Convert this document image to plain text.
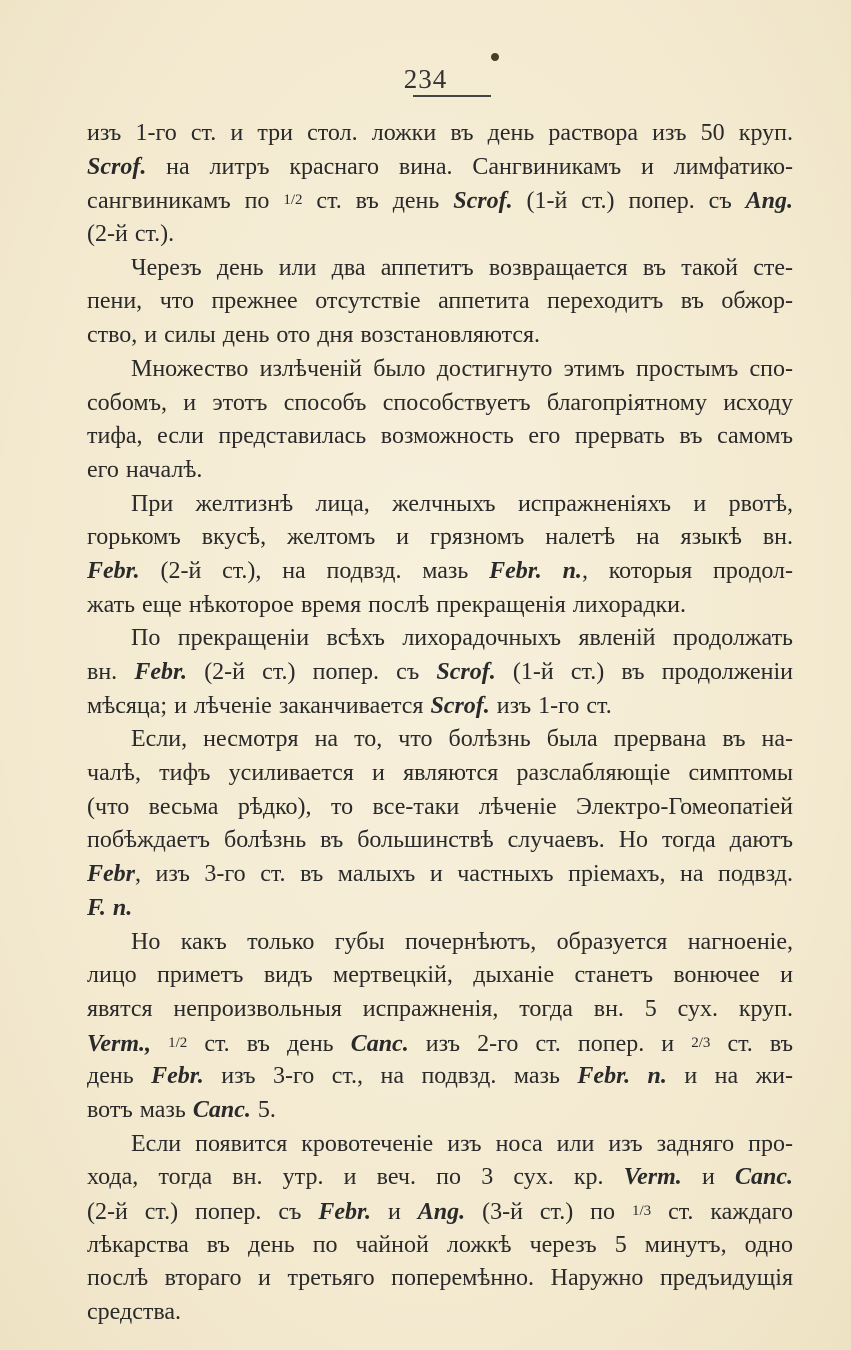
234
изъ 1-го ст. и три стол. ложки въ день раствора изъ 50 круп.
Scrof. на литръ краснаго вина. Сангвиникамъ и лимфатико-
сангвиникамъ по 1/2 ст. въ день Scrof. (1-й ст.) попер. съ Ang.
(2-й ст.).
Черезъ день или два аппетитъ возвращается въ такой сте-
пени, что прежнее отсутствіе аппетита переходитъ въ обжор-
ство, и силы день ото дня возстановляются.
Множество излѣченій было достигнуто этимъ простымъ спо-
собомъ, и этотъ способъ способствуетъ благопріятному исходу
тифа, если представилась возможность его прервать въ самомъ
его началѣ.
При желтизнѣ лица, желчныхъ испражненіяхъ и рвотѣ,
горькомъ вкусѣ, желтомъ и грязномъ налетѣ на языкѣ вн.
Febr. (2-й ст.), на подвзд. мазь Febr. n., которыя продол-
жать еще нѣкоторое время послѣ прекращенія лихорадки.
По прекращеніи всѣхъ лихорадочныхъ явленій продолжать
вн. Febr. (2-й ст.) попер. съ Scrof. (1-й ст.) въ продолженіи
мѣсяца; и лѣченіе заканчивается Scrof. изъ 1-го ст.
Если, несмотря на то, что болѣзнь была прервана въ на-
чалѣ, тифъ усиливается и являются разслабляющіе симптомы
(что весьма рѣдко), то все-таки лѣченіе Электро-Гомеопатіей
побѣждаетъ болѣзнь въ большинствѣ случаевъ. Но тогда даютъ
Febr, изъ 3-го ст. въ малыхъ и частныхъ пріемахъ, на подвзд.
F. n.
Но какъ только губы почернѣютъ, образуется нагноеніе,
лицо приметъ видъ мертвецкій, дыханіе станетъ вонючее и
явятся непроизвольныя испражненія, тогда вн. 5 сух. круп.
Verm., 1/2 ст. въ день Canc. изъ 2-го ст. попер. и 2/3 ст. въ
день Febr. изъ 3-го ст., на подвзд. мазь Febr. n. и на жи-
вотъ мазь Canc. 5.
Если появится кровотеченіе изъ носа или изъ задняго про-
хода, тогда вн. утр. и веч. по 3 сух. кр. Verm. и Canc.
(2-й ст.) попер. съ Febr. и Ang. (3-й ст.) по 1/3 ст. каждаго
лѣкарства въ день по чайной ложкѣ черезъ 5 минутъ, одно
послѣ втораго и третьяго поперемѣнно. Наружно предъидущія
средства.
